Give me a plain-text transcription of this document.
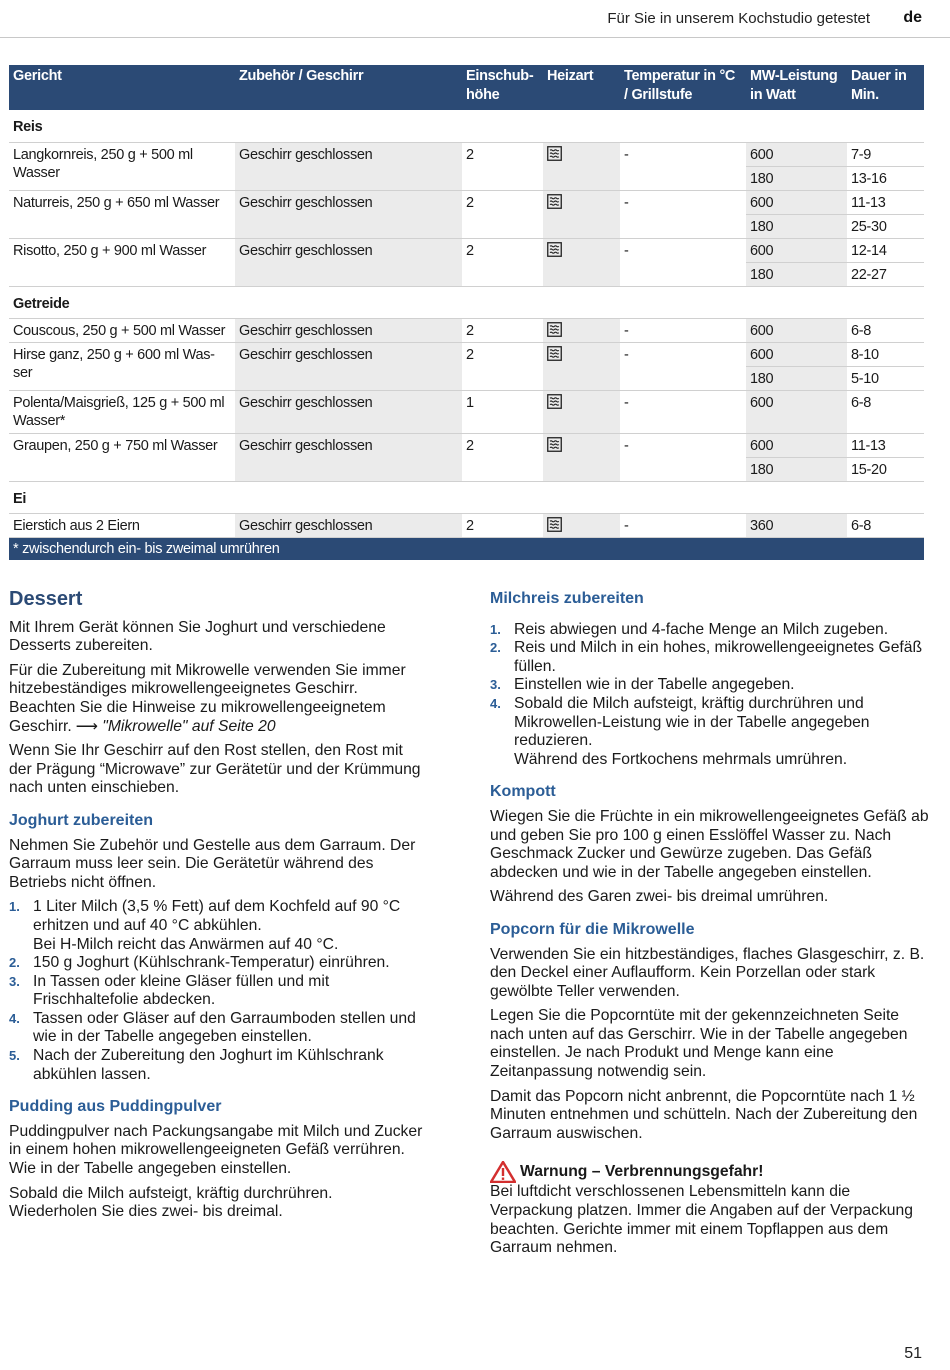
Für Sie in unserem Kochstudio getestet de
Gericht	Zubehör / Geschirr	Einschub-höhe	Heizart	Temperatur in °C / Grillstufe	MW-Leistung in Watt	Dauer in Min.
Reis						
Langkornreis, 250 g + 500 ml Wasser	Geschirr geschlossen	2		-	600	7-9
					180	13-16
Naturreis, 250 g + 650 ml Wasser	Geschirr geschlossen	2		-	600	11-13
					180	25-30
Risotto, 250 g + 900 ml Wasser	Geschirr geschlossen	2		-	600	12-14
					180	22-27
Getreide						
Couscous, 250 g + 500 ml Wasser	Geschirr geschlossen	2		-	600	6-8
Hirse ganz, 250 g + 600 ml Was-ser	Geschirr geschlossen	2		-	600	8-10
					180	5-10
Polenta/Maisgrieß, 125 g + 500 ml Wasser*	Geschirr geschlossen	1		-	600	6-8
Graupen, 250 g + 750 ml Wasser	Geschirr geschlossen	2		-	600	11-13
					180	15-20
Ei						
Eierstich aus 2 Eiern	Geschirr geschlossen	2		-	360	6-8
* zwischendurch ein- bis zweimal umrühren						
Dessert

Mit Ihrem Gerät können Sie Joghurt und verschiedene Desserts zubereiten.

Für die Zubereitung mit Mikrowelle verwenden Sie immer hitzebeständiges mikrowellengeeignetes Geschirr. Beachten Sie die Hinweise zu mikrowellengeeignetem Geschirr. ⟶ "Mikrowelle" auf Seite 20

Wenn Sie Ihr Geschirr auf den Rost stellen, den Rost mit der Prägung “Microwave” zur Gerätetür und der Krümmung nach unten einschieben.

Joghurt zubereiten

Nehmen Sie Zubehör und Gestelle aus dem Garraum. Der Garraum muss leer sein. Die Gerätetür während des Betriebs nicht öffnen.

1. 1 Liter Milch (3,5 % Fett) auf dem Kochfeld auf 90 °C erhitzen und auf 40 °C abkühlen.
Bei H-Milch reicht das Anwärmen auf 40 °C.
2. 150 g Joghurt (Kühlschrank-Temperatur) einrühren.
3. In Tassen oder kleine Gläser füllen und mit Frischhaltefolie abdecken.
4. Tassen oder Gläser auf den Garraumboden stellen und wie in der Tabelle angegeben einstellen.
5. Nach der Zubereitung den Joghurt im Kühlschrank abkühlen lassen.
Pudding aus Puddingpulver

Puddingpulver nach Packungsangabe mit Milch und Zucker in einem hohen mikrowellengeeigneten Gefäß verrühren. Wie in der Tabelle angegeben einstellen.

Sobald die Milch aufsteigt, kräftig durchrühren. Wiederholen Sie dies zwei- bis dreimal.

Milchreis zubereiten
1. Reis abwiegen und 4-fache Menge an Milch zugeben.
2. Reis und Milch in ein hohes, mikrowellengeeignetes Gefäß füllen.
3. Einstellen wie in der Tabelle angegeben.
4. Sobald die Milch aufsteigt, kräftig durchrühren und Mikrowellen-Leistung wie in der Tabelle angegeben reduzieren.
Während des Fortkochens mehrmals umrühren.
Kompott

Wiegen Sie die Früchte in ein mikrowellengeeignetes Gefäß ab und geben Sie pro 100 g einen Esslöffel Wasser zu. Nach Geschmack Zucker und Gewürze zugeben. Das Gefäß abdecken und wie in der Tabelle angegeben einstellen.

Während des Garen zwei- bis dreimal umrühren.

Popcorn für die Mikrowelle

Verwenden Sie ein hitzbeständiges, flaches Glasgeschirr, z. B. den Deckel einer Auflaufform. Kein Porzellan oder stark gewölbte Teller verwenden.

Legen Sie die Popcorntüte mit der gekennzeichneten Seite nach unten auf das Gerschirr. Wie in der Tabelle angegeben einstellen. Je nach Produkt und Menge kann eine Zeitanpassung notwendig sein.

Damit das Popcorn nicht anbrennt, die Popcorntüte nach 1 ½ Minuten entnehmen und schütteln. Nach der Zubereitung den Garraum auswischen.

Warnung – Verbrennungsgefahr!

Bei luftdicht verschlossenen Lebensmitteln kann die Verpackung platzen. Immer die Angaben auf der Verpackung beachten. Gerichte immer mit einem Topflappen aus dem Garraum nehmen.

51
